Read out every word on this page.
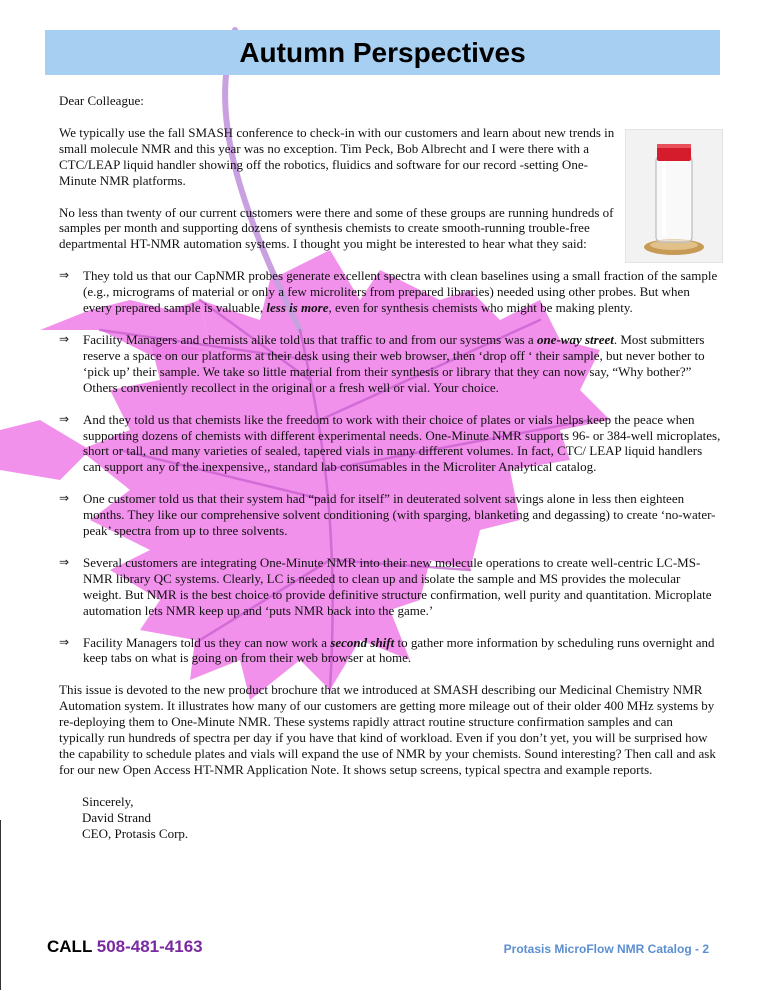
Autumn Perspectives

Dear Colleague:

We typically use the fall SMASH conference to check-in with our customers and learn about new trends in small molecule NMR and this year was no exception. Tim Peck, Bob Albrecht and I were there with a CTC/LEAP liquid handler showing off the robotics, fluidics and software for our record -setting One-Minute NMR platforms.

No less than twenty of our current customers were there and some of these groups are running hundreds of samples per month and supporting dozens of synthesis chemists to create smooth-running trouble-free departmental HT-NMR automation systems. I thought you might be interested to hear what they said:

⇒ They told us that our CapNMR probes generate excellent spectra with clean baselines using a small fraction of the sample (e.g., micrograms of material or only a few microliters from prepared libraries) needed using other probes. But when every prepared sample is valuable, less is more, even for synthesis chemists who might be making plenty.
⇒ Facility Managers and chemists alike told us that traffic to and from our systems was a one-way street. Most submitters reserve a space on our platforms at their desk using their web browser, then ‘drop off ‘ their sample, but never bother to ‘pick up’ their sample. We take so little material from their synthesis or library that they can now say, “Why bother?” Others conveniently recollect in the original or a fresh well or vial. Your choice.
⇒ And they told us that chemists like the freedom to work with their choice of plates or vials helps keep the peace when supporting dozens of chemists with different experimental needs. One-Minute NMR supports 96- or 384-well microplates, short or tall, and many varieties of sealed, tapered vials in many different volumes. In fact, CTC/ LEAP liquid handlers can support any of the inexpensive,, standard lab consumables in the Microliter Analytical catalog.
⇒ One customer told us that their system had “paid for itself” in deuterated solvent savings alone in less then eighteen months. They like our comprehensive solvent conditioning (with sparging, blanketing and degassing) to create ‘no-water-peak’ spectra from up to three solvents.
⇒ Several customers are integrating One-Minute NMR into their new molecule operations to create well-centric LC-MS-NMR library QC systems. Clearly, LC is needed to clean up and isolate the sample and MS provides the molecular weight. But NMR is the best choice to provide definitive structure confirmation, well purity and quantitation. Microplate automation lets NMR keep up and ‘puts NMR back into the game.’
⇒ Facility Managers told us they can now work a second shift to gather more information by scheduling runs overnight and keep tabs on what is going on from their web browser at home.

This issue is devoted to the new product brochure that we introduced at SMASH describing our Medicinal Chemistry NMR Automation system. It illustrates how many of our customers are getting more mileage out of their older 400 MHz systems by re-deploying them to One-Minute NMR. These systems rapidly attract routine structure confirmation samples and can typically run hundreds of spectra per day if you have that kind of workload. Even if you don’t yet, you will be surprised how the capability to schedule plates and vials will expand the use of NMR by your chemists. Sound interesting? Then call and ask for our new Open Access HT-NMR Application Note. It shows setup screens, typical spectra and example reports.

Sincerely,

David Strand

CEO, Protasis Corp.

CALL 508-481-4163	Protasis MicroFlow NMR Catalog - 2
